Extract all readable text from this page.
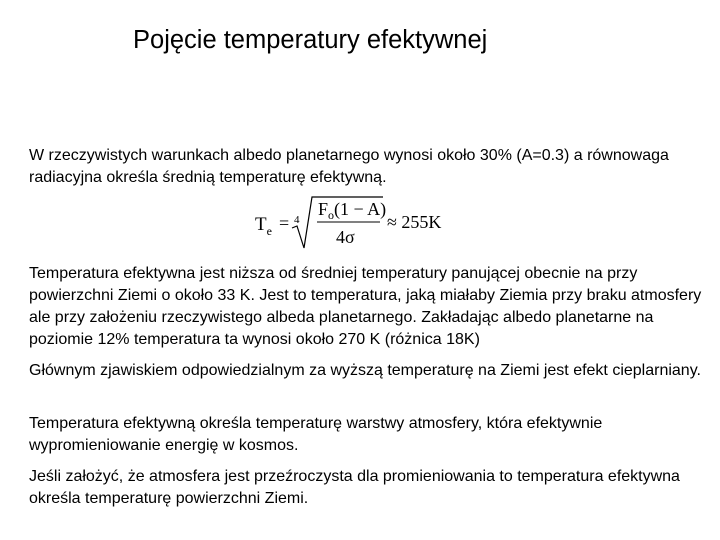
Pojęcie temperatury efektywnej

W rzeczywistych warunkach albedo planetarnego wynosi około 30% (A=0.3) a równowaga radiacyjna określa średnią temperaturę efektywną.

$T_e = 4$
$F_o(1 - A)$
4σ
≈ 255K

Temperatura efektywna jest niższa od średniej temperatury panującej obecnie na przy powierzchni Ziemi o około 33 K. Jest to temperatura, jaką miałaby Ziemia przy braku atmosfery ale przy założeniu rzeczywistego albeda planetarnego. Zakładając albedo planetarne na poziomie 12% temperatura ta wynosi około 270 K (różnica 18K)

Głównym zjawiskiem odpowiedzialnym za wyższą temperaturę na Ziemi jest efekt cieplarniany.

Temperatura efektywną określa temperaturę warstwy atmosfery, która efektywnie wypromieniowanie energię w kosmos.

Jeśli założyć, że atmosfera jest przeźroczysta dla promieniowania to temperatura efektywna określa temperaturę powierzchni Ziemi.
